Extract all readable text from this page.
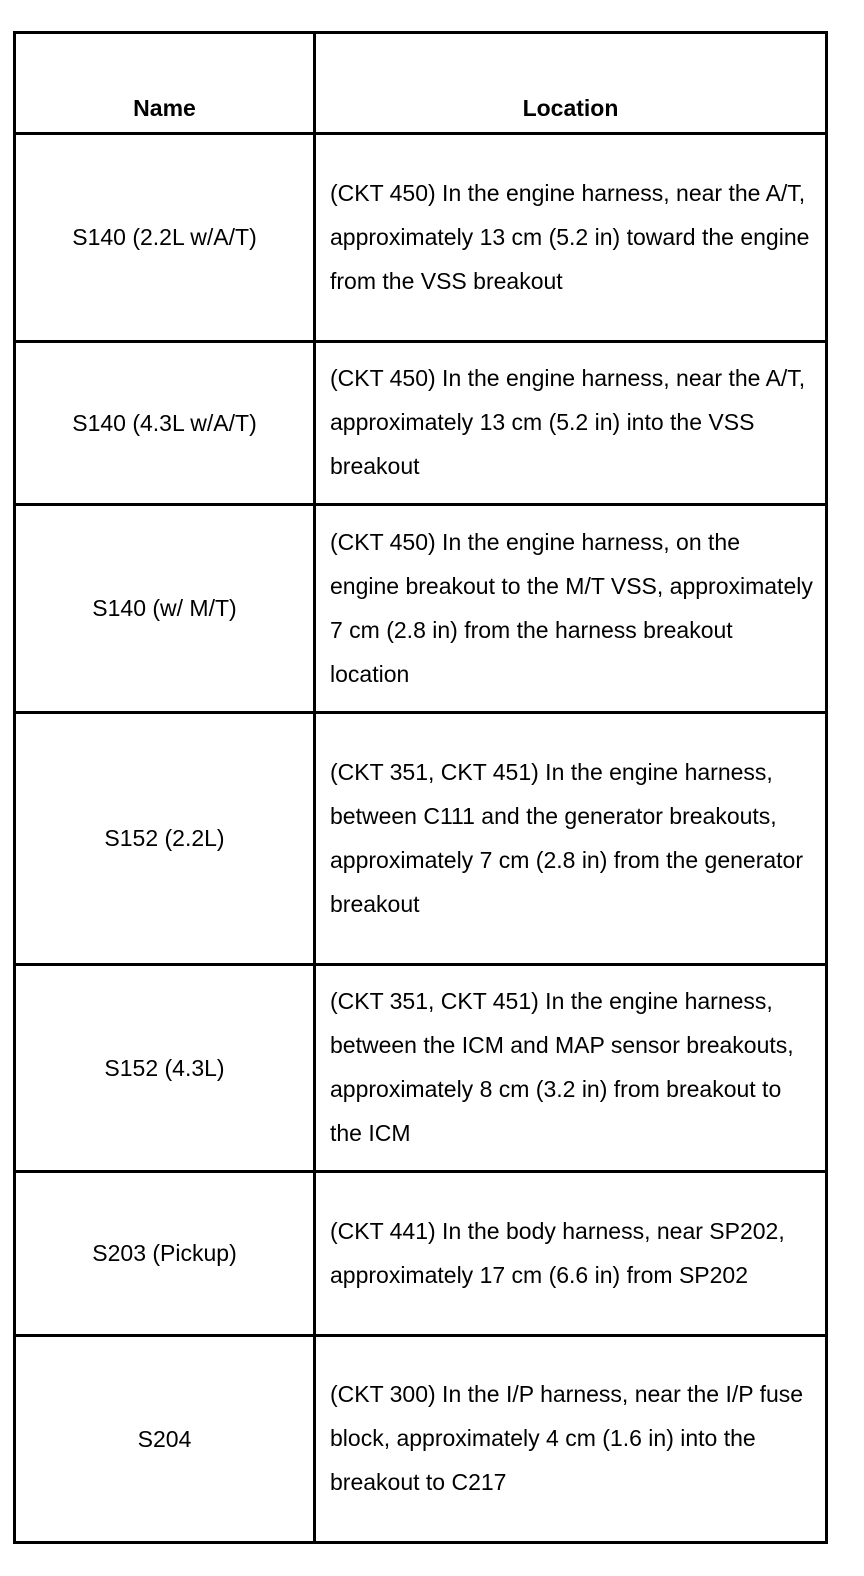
Name	Location
S140 (2.2L w/A/T)	(CKT 450) In the engine harness, near the A/T, approximately 13 cm (5.2 in) toward the engine from the VSS breakout
S140 (4.3L w/A/T)	(CKT 450) In the engine harness, near the A/T, approximately 13 cm (5.2 in) into the VSS breakout
S140 (w/ M/T)	(CKT 450) In the engine harness, on the engine breakout to the M/T VSS, approximately 7 cm (2.8 in) from the harness breakout location
S152 (2.2L)	(CKT 351, CKT 451) In the engine harness, between C111 and the generator breakouts, approximately 7 cm (2.8 in) from the generator breakout
S152 (4.3L)	(CKT 351, CKT 451) In the engine harness, between the ICM and MAP sensor breakouts, approximately 8 cm (3.2 in) from breakout to the ICM
S203 (Pickup)	(CKT 441) In the body harness, near SP202, approximately 17 cm (6.6 in) from SP202
S204	(CKT 300) In the I/P harness, near the I/P fuse block, approximately 4 cm (1.6 in) into the breakout to C217
